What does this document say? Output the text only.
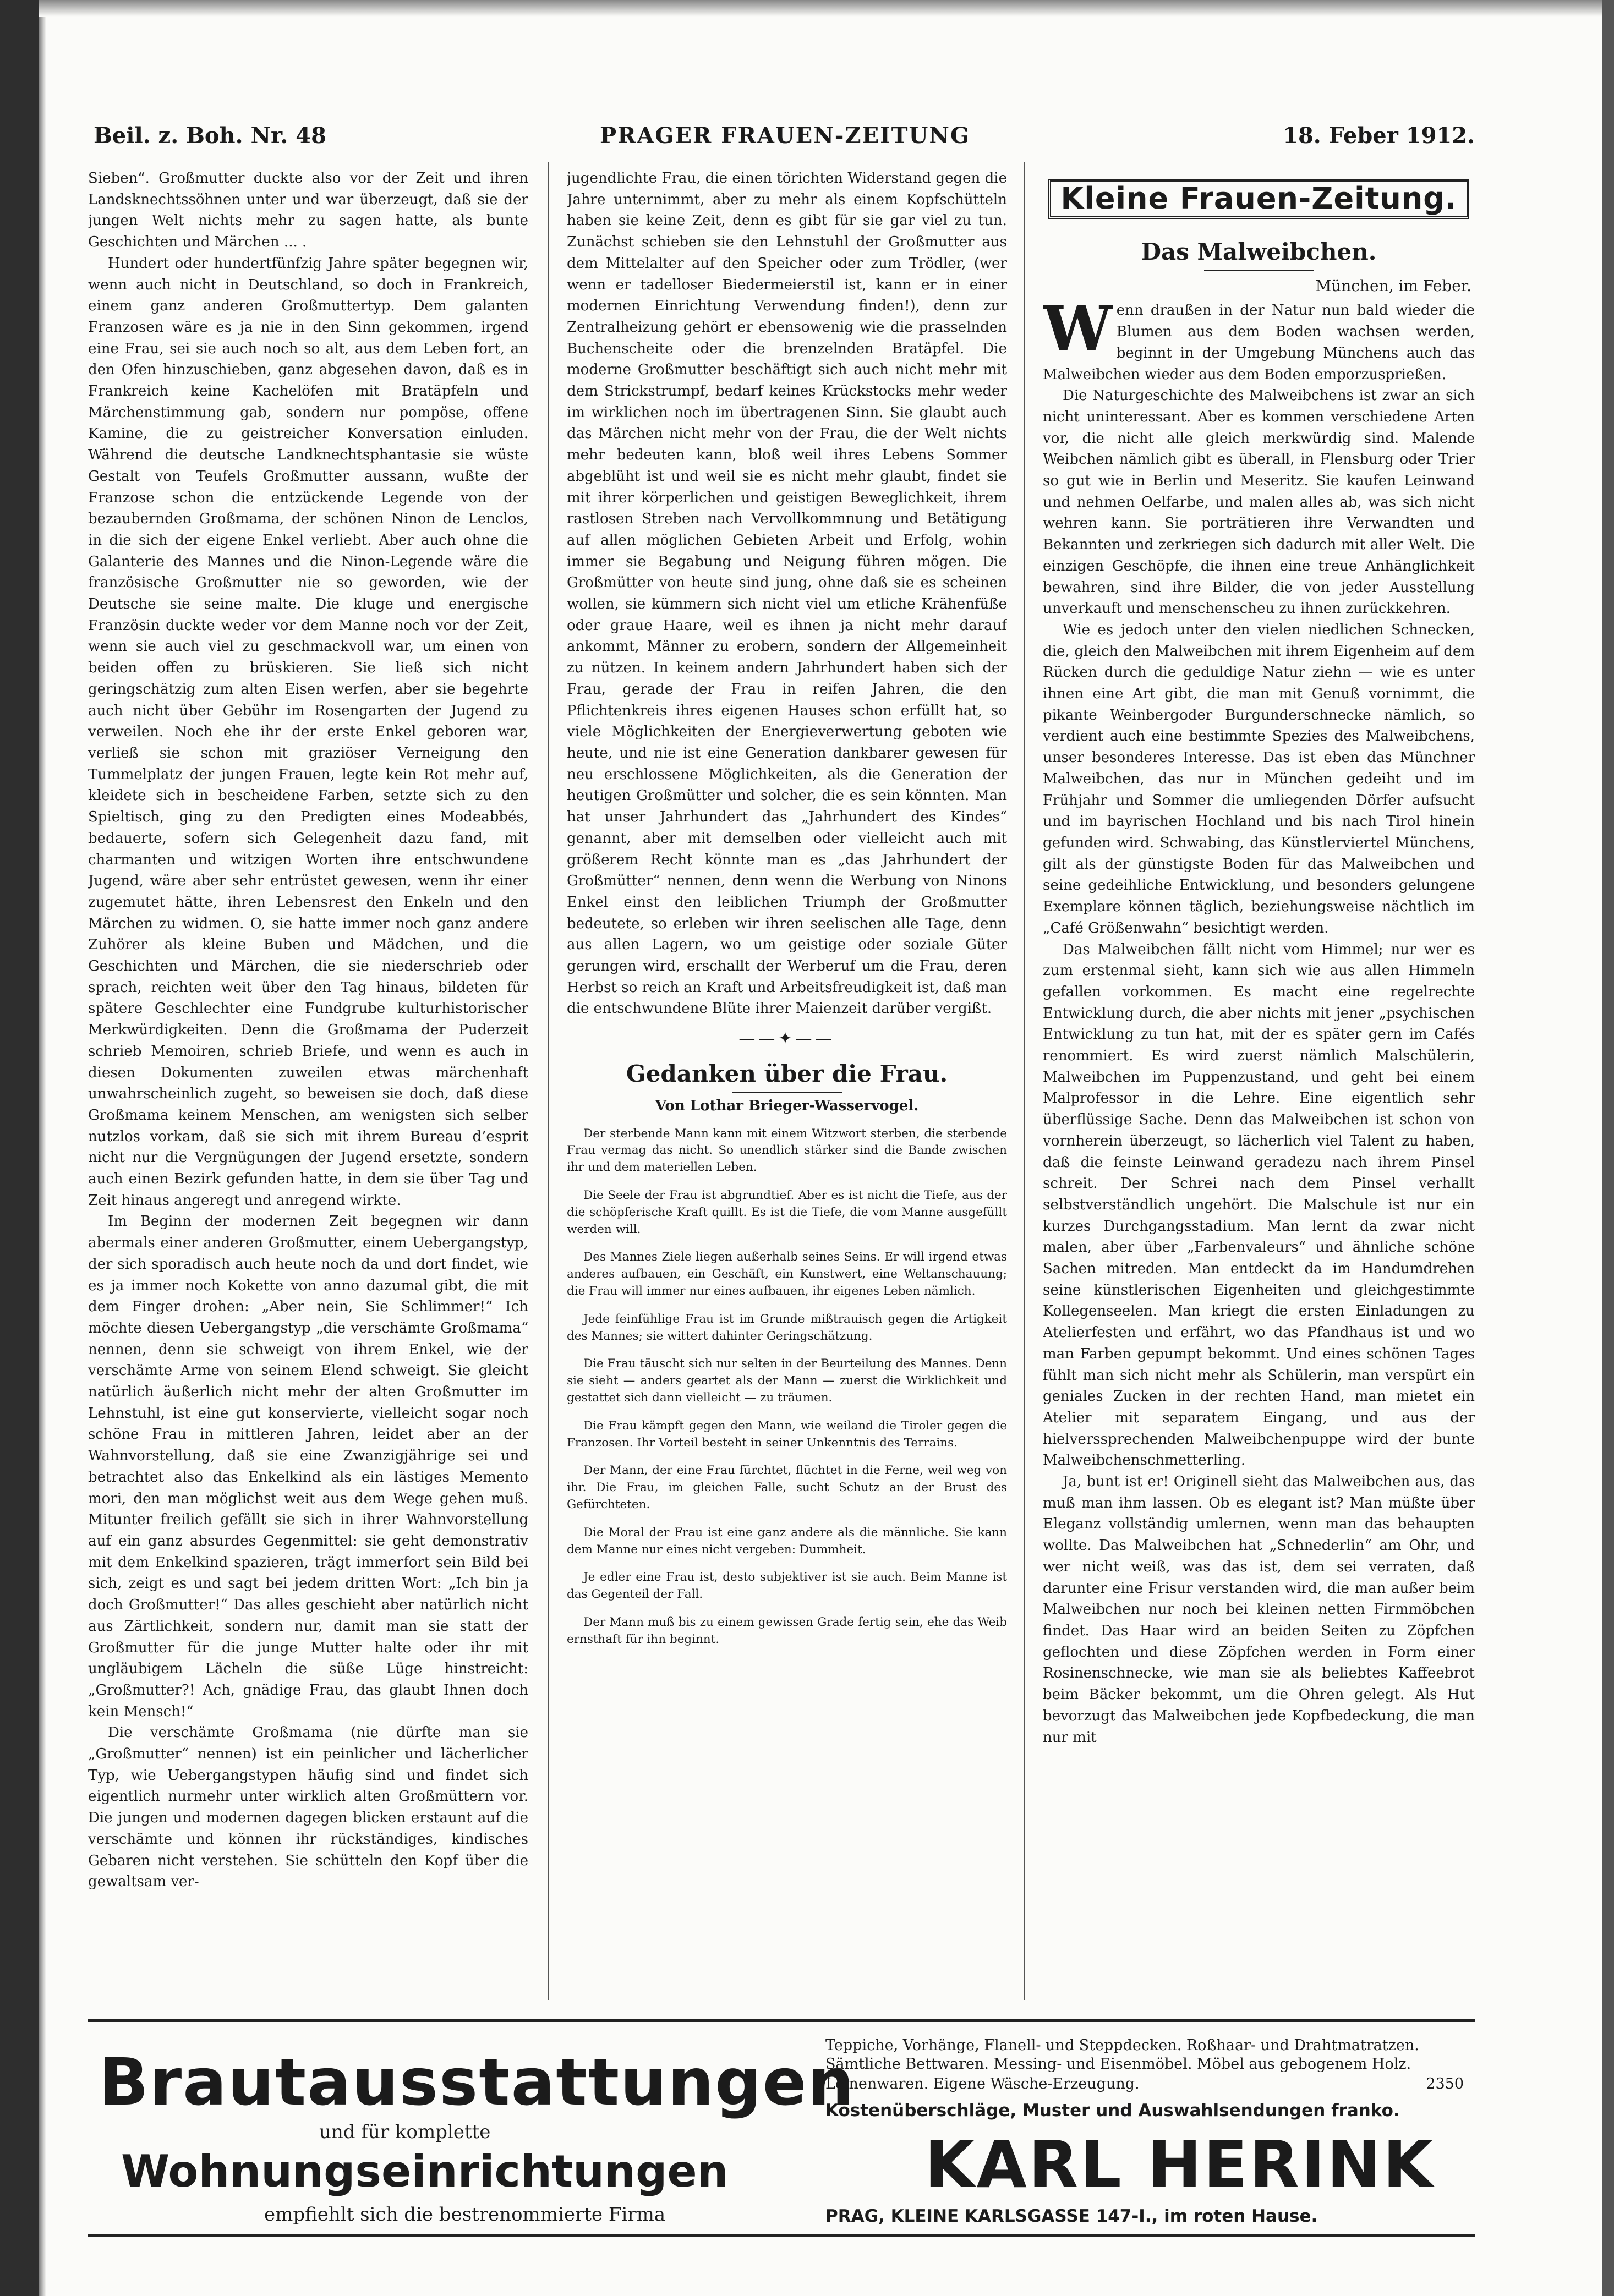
Beil. z. Boh. Nr. 48	PRAGER FRAUEN-ZEITUNG	18. Feber 1912.

Sieben“. Großmutter duckte also vor der Zeit und ihren Landsknechtssöhnen unter und war überzeugt, daß sie der jungen Welt nichts mehr zu sagen hatte, als bunte Geschichten und Märchen ... .

Hundert oder hundertfünfzig Jahre später begegnen wir, wenn auch nicht in Deutschland, so doch in Frankreich, einem ganz anderen Großmuttertyp. Dem galanten Franzosen wäre es ja nie in den Sinn gekommen, irgend eine Frau, sei sie auch noch so alt, aus dem Leben fort, an den Ofen hinzuschieben, ganz abgesehen davon, daß es in Frankreich keine Kachelöfen mit Bratäpfeln und Märchenstimmung gab, sondern nur pompöse, offene Kamine, die zu geistreicher Konversation einluden. Während die deutsche Landknechtsphantasie sie wüste Gestalt von Teufels Großmutter aussann, wußte der Franzose schon die entzückende Legende von der bezaubernden Großmama, der schönen Ninon de Lenclos, in die sich der eigene Enkel verliebt. Aber auch ohne die Galanterie des Mannes und die Ninon-Legende wäre die französische Großmutter nie so geworden, wie der Deutsche sie seine malte. Die kluge und energische Französin duckte weder vor dem Manne noch vor der Zeit, wenn sie auch viel zu geschmackvoll war, um einen von beiden offen zu brüskieren. Sie ließ sich nicht geringschätzig zum alten Eisen werfen, aber sie begehrte auch nicht über Gebühr im Rosengarten der Jugend zu verweilen. Noch ehe ihr der erste Enkel geboren war, verließ sie schon mit graziöser Verneigung den Tummelplatz der jungen Frauen, legte kein Rot mehr auf, kleidete sich in bescheidene Farben, setzte sich zu den Spieltisch, ging zu den Predigten eines Modeabbés, bedauerte, sofern sich Gelegenheit dazu fand, mit charmanten und witzigen Worten ihre entschwundene Jugend, wäre aber sehr entrüstet gewesen, wenn ihr einer zugemutet hätte, ihren Lebensrest den Enkeln und den Märchen zu widmen. O, sie hatte immer noch ganz andere Zuhörer als kleine Buben und Mädchen, und die Geschichten und Märchen, die sie niederschrieb oder sprach, reichten weit über den Tag hinaus, bildeten für spätere Geschlechter eine Fundgrube kulturhistorischer Merkwürdigkeiten. Denn die Großmama der Puderzeit schrieb Memoiren, schrieb Briefe, und wenn es auch in diesen Dokumenten zuweilen etwas märchenhaft unwahrscheinlich zugeht, so beweisen sie doch, daß diese Großmama keinem Menschen, am wenigsten sich selber nutzlos vorkam, daß sie sich mit ihrem Bureau d’esprit nicht nur die Vergnügungen der Jugend ersetzte, sondern auch einen Bezirk gefunden hatte, in dem sie über Tag und Zeit hinaus angeregt und anregend wirkte.

Im Beginn der modernen Zeit begegnen wir dann abermals einer anderen Großmutter, einem Uebergangstyp, der sich sporadisch auch heute noch da und dort findet, wie es ja immer noch Kokette von anno dazumal gibt, die mit dem Finger drohen: „Aber nein, Sie Schlimmer!“ Ich möchte diesen Uebergangstyp „die verschämte Großmama“ nennen, denn sie schweigt von ihrem Enkel, wie der verschämte Arme von seinem Elend schweigt. Sie gleicht natürlich äußerlich nicht mehr der alten Großmutter im Lehnstuhl, ist eine gut konservierte, vielleicht sogar noch schöne Frau in mittleren Jahren, leidet aber an der Wahnvorstellung, daß sie eine Zwanzigjährige sei und betrachtet also das Enkelkind als ein lästiges Memento mori, den man möglichst weit aus dem Wege gehen muß. Mitunter freilich gefällt sie sich in ihrer Wahnvorstellung auf ein ganz absurdes Gegenmittel: sie geht demonstrativ mit dem Enkelkind spazieren, trägt immerfort sein Bild bei sich, zeigt es und sagt bei jedem dritten Wort: „Ich bin ja doch Großmutter!“ Das alles geschieht aber natürlich nicht aus Zärtlichkeit, sondern nur, damit man sie statt der Großmutter für die junge Mutter halte oder ihr mit ungläubigem Lächeln die süße Lüge hinstreicht: „Großmutter?! Ach, gnädige Frau, das glaubt Ihnen doch kein Mensch!“

Die verschämte Großmama (nie dürfte man sie „Großmutter“ nennen) ist ein peinlicher und lächerlicher Typ, wie Uebergangstypen häufig sind und findet sich eigentlich nurmehr unter wirklich alten Großmüttern vor. Die jungen und modernen dagegen blicken erstaunt auf die verschämte und können ihr rückständiges, kindisches Gebaren nicht verstehen. Sie schütteln den Kopf über die gewaltsam ver-

jugendlichte Frau, die einen törichten Widerstand gegen die Jahre unternimmt, aber zu mehr als einem Kopfschütteln haben sie keine Zeit, denn es gibt für sie gar viel zu tun. Zunächst schieben sie den Lehnstuhl der Großmutter aus dem Mittelalter auf den Speicher oder zum Trödler, (wer wenn er tadelloser Biedermeierstil ist, kann er in einer modernen Einrichtung Verwendung finden!), denn zur Zentralheizung gehört er ebensowenig wie die prasselnden Buchenscheite oder die brenzelnden Bratäpfel. Die moderne Großmutter beschäftigt sich auch nicht mehr mit dem Strickstrumpf, bedarf keines Krückstocks mehr weder im wirklichen noch im übertragenen Sinn. Sie glaubt auch das Märchen nicht mehr von der Frau, die der Welt nichts mehr bedeuten kann, bloß weil ihres Lebens Sommer abgeblüht ist und weil sie es nicht mehr glaubt, findet sie mit ihrer körperlichen und geistigen Beweglichkeit, ihrem rastlosen Streben nach Vervollkommnung und Betätigung auf allen möglichen Gebieten Arbeit und Erfolg, wohin immer sie Begabung und Neigung führen mögen. Die Großmütter von heute sind jung, ohne daß sie es scheinen wollen, sie kümmern sich nicht viel um etliche Krähenfüße oder graue Haare, weil es ihnen ja nicht mehr darauf ankommt, Männer zu erobern, sondern der Allgemeinheit zu nützen. In keinem andern Jahrhundert haben sich der Frau, gerade der Frau in reifen Jahren, die den Pflichtenkreis ihres eigenen Hauses schon erfüllt hat, so viele Möglichkeiten der Energieverwertung geboten wie heute, und nie ist eine Generation dankbarer gewesen für neu erschlossene Möglichkeiten, als die Generation der heutigen Großmütter und solcher, die es sein könnten. Man hat unser Jahrhundert das „Jahrhundert des Kindes“ genannt, aber mit demselben oder vielleicht auch mit größerem Recht könnte man es „das Jahrhundert der Großmütter“ nennen, denn wenn die Werbung von Ninons Enkel einst den leiblichen Triumph der Großmutter bedeutete, so erleben wir ihren seelischen alle Tage, denn aus allen Lagern, wo um geistige oder soziale Güter gerungen wird, erschallt der Werberuf um die Frau, deren Herbst so reich an Kraft und Arbeitsfreudigkeit ist, daß man die entschwundene Blüte ihrer Maienzeit darüber vergißt.

——✦——
Gedanken über die Frau.
Von Lothar Brieger-Wasservogel.

Der sterbende Mann kann mit einem Witzwort sterben, die sterbende Frau vermag das nicht. So unendlich stärker sind die Bande zwischen ihr und dem materiellen Leben.

Die Seele der Frau ist abgrundtief. Aber es ist nicht die Tiefe, aus der die schöpferische Kraft quillt. Es ist die Tiefe, die vom Manne ausgefüllt werden will.

Des Mannes Ziele liegen außerhalb seines Seins. Er will irgend etwas anderes aufbauen, ein Geschäft, ein Kunstwert, eine Weltanschauung; die Frau will immer nur eines aufbauen, ihr eigenes Leben nämlich.

Jede feinfühlige Frau ist im Grunde mißtrauisch gegen die Artigkeit des Mannes; sie wittert dahinter Geringschätzung.

Die Frau täuscht sich nur selten in der Beurteilung des Mannes. Denn sie sieht — anders geartet als der Mann — zuerst die Wirklichkeit und gestattet sich dann vielleicht — zu träumen.

Die Frau kämpft gegen den Mann, wie weiland die Tiroler gegen die Franzosen. Ihr Vorteil besteht in seiner Unkenntnis des Terrains.

Der Mann, der eine Frau fürchtet, flüchtet in die Ferne, weil weg von ihr. Die Frau, im gleichen Falle, sucht Schutz an der Brust des Gefürchteten.

Die Moral der Frau ist eine ganz andere als die männliche. Sie kann dem Manne nur eines nicht vergeben: Dummheit.

Je edler eine Frau ist, desto subjektiver ist sie auch. Beim Manne ist das Gegenteil der Fall.

Der Mann muß bis zu einem gewissen Grade fertig sein, ehe das Weib ernsthaft für ihn beginnt.

Kleine Frauen-Zeitung.
Das Malweibchen.
München, im Feber.

Wenn draußen in der Natur nun bald wieder die Blumen aus dem Boden wachsen werden, beginnt in der Umgebung Münchens auch das Malweibchen wieder aus dem Boden emporzusprießen.

Die Naturgeschichte des Malweibchens ist zwar an sich nicht uninteressant. Aber es kommen verschiedene Arten vor, die nicht alle gleich merkwürdig sind. Malende Weibchen nämlich gibt es überall, in Flensburg oder Trier so gut wie in Berlin und Meseritz. Sie kaufen Leinwand und nehmen Oelfarbe, und malen alles ab, was sich nicht wehren kann. Sie porträtieren ihre Verwandten und Bekannten und zerkriegen sich dadurch mit aller Welt. Die einzigen Geschöpfe, die ihnen eine treue Anhänglichkeit bewahren, sind ihre Bilder, die von jeder Ausstellung unverkauft und menschenscheu zu ihnen zurückkehren.

Wie es jedoch unter den vielen niedlichen Schnecken, die, gleich den Malweibchen mit ihrem Eigenheim auf dem Rücken durch die geduldige Natur ziehn — wie es unter ihnen eine Art gibt, die man mit Genuß vornimmt, die pikante Weinbergoder Burgunderschnecke nämlich, so verdient auch eine bestimmte Spezies des Malweibchens, unser besonderes Interesse. Das ist eben das Münchner Malweibchen, das nur in München gedeiht und im Frühjahr und Sommer die umliegenden Dörfer aufsucht und im bayrischen Hochland und bis nach Tirol hinein gefunden wird. Schwabing, das Künstlerviertel Münchens, gilt als der günstigste Boden für das Malweibchen und seine gedeihliche Entwicklung, und besonders gelungene Exemplare können täglich, beziehungsweise nächtlich im „Café Größenwahn“ besichtigt werden.

Das Malweibchen fällt nicht vom Himmel; nur wer es zum erstenmal sieht, kann sich wie aus allen Himmeln gefallen vorkommen. Es macht eine regelrechte Entwicklung durch, die aber nichts mit jener „psychischen Entwicklung zu tun hat, mit der es später gern im Cafés renommiert. Es wird zuerst nämlich Malschülerin, Malweibchen im Puppenzustand, und geht bei einem Malprofessor in die Lehre. Eine eigentlich sehr überflüssige Sache. Denn das Malweibchen ist schon von vornherein überzeugt, so lächerlich viel Talent zu haben, daß die feinste Leinwand geradezu nach ihrem Pinsel schreit. Der Schrei nach dem Pinsel verhallt selbstverständlich ungehört. Die Malschule ist nur ein kurzes Durchgangsstadium. Man lernt da zwar nicht malen, aber über „Farbenvaleurs“ und ähnliche schöne Sachen mitreden. Man entdeckt da im Handumdrehen seine künstlerischen Eigenheiten und gleichgestimmte Kollegenseelen. Man kriegt die ersten Einladungen zu Atelierfesten und erfährt, wo das Pfandhaus ist und wo man Farben gepumpt bekommt. Und eines schönen Tages fühlt man sich nicht mehr als Schülerin, man verspürt ein geniales Zucken in der rechten Hand, man mietet ein Atelier mit separatem Eingang, und aus der hielverssprechenden Malweibchenpuppe wird der bunte Malweibchenschmetterling.

Ja, bunt ist er! Originell sieht das Malweibchen aus, das muß man ihm lassen. Ob es elegant ist? Man müßte über Eleganz vollständig umlernen, wenn man das behaupten wollte. Das Malweibchen hat „Schnederlin“ am Ohr, und wer nicht weiß, was das ist, dem sei verraten, daß darunter eine Frisur verstanden wird, die man außer beim Malweibchen nur noch bei kleinen netten Firmmöbchen findet. Das Haar wird an beiden Seiten zu Zöpfchen geflochten und diese Zöpfchen werden in Form einer Rosinenschnecke, wie man sie als beliebtes Kaffeebrot beim Bäcker bekommt, um die Ohren gelegt. Als Hut bevorzugt das Malweibchen jede Kopfbedeckung, die man nur mit

Brautausstattungen
und für komplette
Wohnungseinrichtungen
empfiehlt sich die bestrenommierte Firma
Teppiche, Vorhänge, Flanell- und Steppdecken. Roßhaar- und Drahtmatratzen.
Sämtliche Bettwaren. Messing- und Eisenmöbel. Möbel aus gebogenem Holz.
Leinenwaren. Eigene Wäsche-Erzeugung.	2350
Kostenüberschläge, Muster und Auswahlsendungen franko.
KARL HERINK
PRAG, KLEINE KARLSGASSE 147-I., im roten Hause.
